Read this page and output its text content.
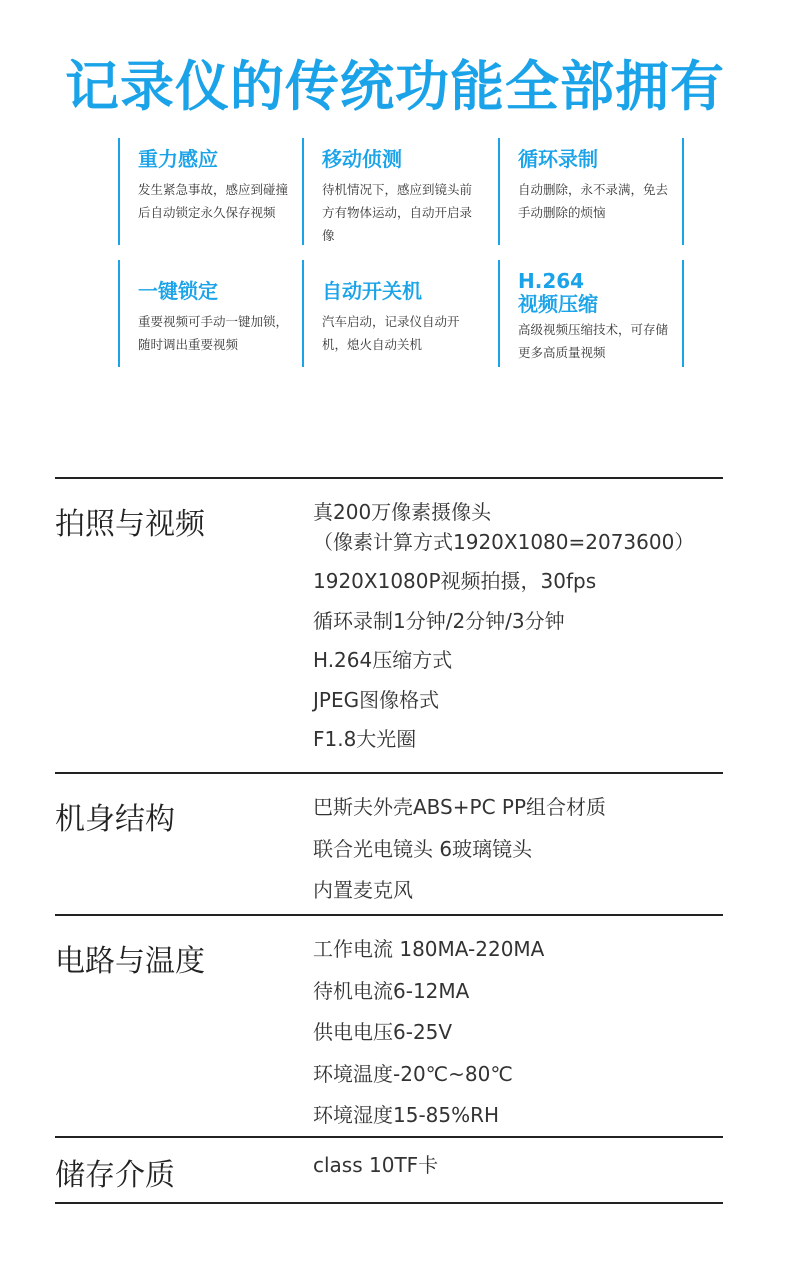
记录仪的传统功能全部拥有
重力感应
发生紧急事故，感应到碰撞后自动锁定永久保存视频
移动侦测
待机情况下，感应到镜头前方有物体运动，自动开启录像
循环录制
自动删除，永不录满，免去手动删除的烦恼
一键锁定
重要视频可手动一键加锁，随时调出重要视频
自动开关机
汽车启动，记录仪自动开机，熄火自动关机
H.264
视频压缩
高级视频压缩技术，可存储更多高质量视频
拍照与视频	真200万像素摄像头
（像素计算方式1920X1080=2073600）
1920X1080P视频拍摄，30fps
循环录制1分钟/2分钟/3分钟
H.264压缩方式
JPEG图像格式
F1.8大光圈
机身结构	巴斯夫外壳ABS+PC PP组合材质
联合光电镜头 6玻璃镜头
内置麦克风
电路与温度	工作电流 180MA-220MA
待机电流6-12MA
供电电压6-25V
环境温度-20℃~80℃
环境湿度15-85%RH
储存介质	class 10TF卡
